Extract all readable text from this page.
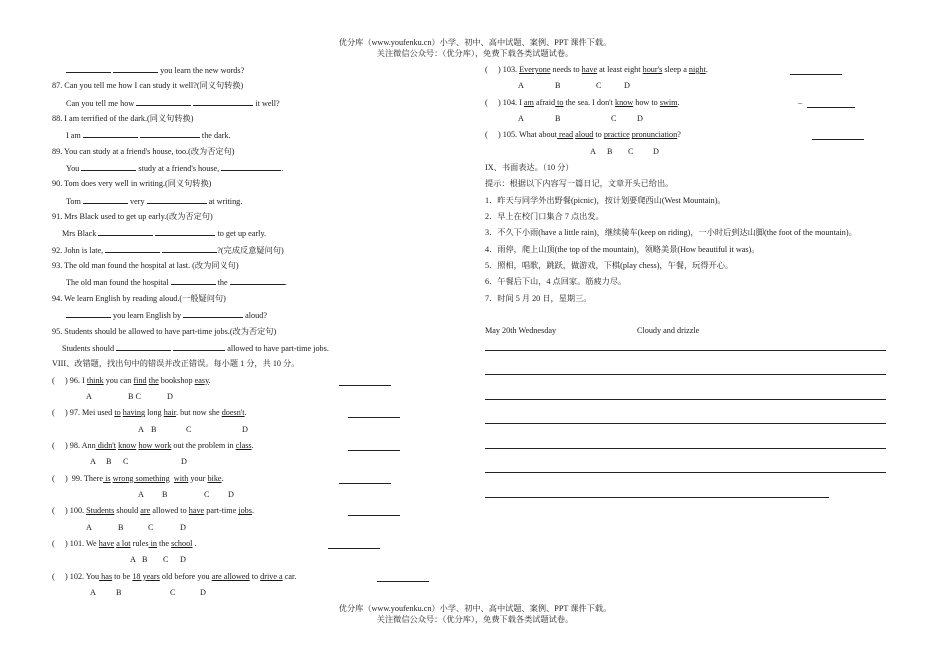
优分库（www.youfenku.cn）小学、初中、高中试题、案例、PPT 课件下载。
关注微信公众号：（优分库），免费下载各类试题试卷。
you learn the new words?
87. Can you tell me how I can study it well?(同义句转换)
Can you tell me how	it well?
88. I am terrified of the dark.(同义句转换)
I am	the dark.
89. You can study at a friend's house, too.(改为否定句)
You	study at a friend's house,	.
90. Tom does very well in writing.(同义句转换)
Tom	very	at writing.
91. Mrs Black used to get up early.(改为否定句)
Mrs Black	to get up early.
92. John is late,	?(完成反意疑问句)
93. The old man found the hospital at last. (改为同义句)
The old man found the hospital	the	.
94. We learn English by reading aloud.(一般疑问句)
you learn English by	aloud?
95. Students should be allowed to have part-time jobs.(改为否定句)
Students should	allowed to have part-time jobs.
VIII、改错题，找出句中的错误并改正错误。每小题 1 分，共 10 分。
( ) 96. I think you can find the bookshop easy.
A	B C	D
( ) 97. Mei used to having long hair. but now she doesn't.
A B	C	D
( ) 98. Ann didn't know how work out the problem in class.
A B C	D
( ) 99. There is wrong something with your bike.
A B	C D
( ) 100. Students should are allowed to have part-time jobs.
A	B	C	D
( ) 101. We have a lot rules in the school .
A B C D
( ) 102. You has to be 18 years old before you are allowed to drive a car.
A B	C	D
( ) 103. Everyone needs to have at least eight hour's sleep a night.
A	B	C	D
( ) 104. I am afraid to the sea. I don't know how to swim.	_
A	B	C	D
( ) 105. What about read aloud to practice pronunciation?
A B C D
IX、书面表达。（10 分）
提示：根据以下内容写一篇日记，文章开头已给出。
1．昨天与同学外出野餐(picnic)，按计划要爬西山(West Mountain)。
2．早上在校门口集合 7 点出发。
3．不久下小雨(have a little rain)，继续骑车(keep on riding)，一小时后到达山脚(the foot of the mountain)。
4．雨停，爬上山顶(the top of the mountain)，领略美景(How beautiful it was)。
5．照相，唱歌，跳跃，做游戏，下棋(play chess)，午餐，玩得开心。
6．午餐后下山，4 点回家。筋疲力尽。
7．时间 5 月 20 日，星期三。
May 20th Wednesday	Cloudy and drizzle
优分库（www.youfenku.cn）小学、初中、高中试题、案例、PPT 课件下载。
关注微信公众号：（优分库），免费下载各类试题试卷。
